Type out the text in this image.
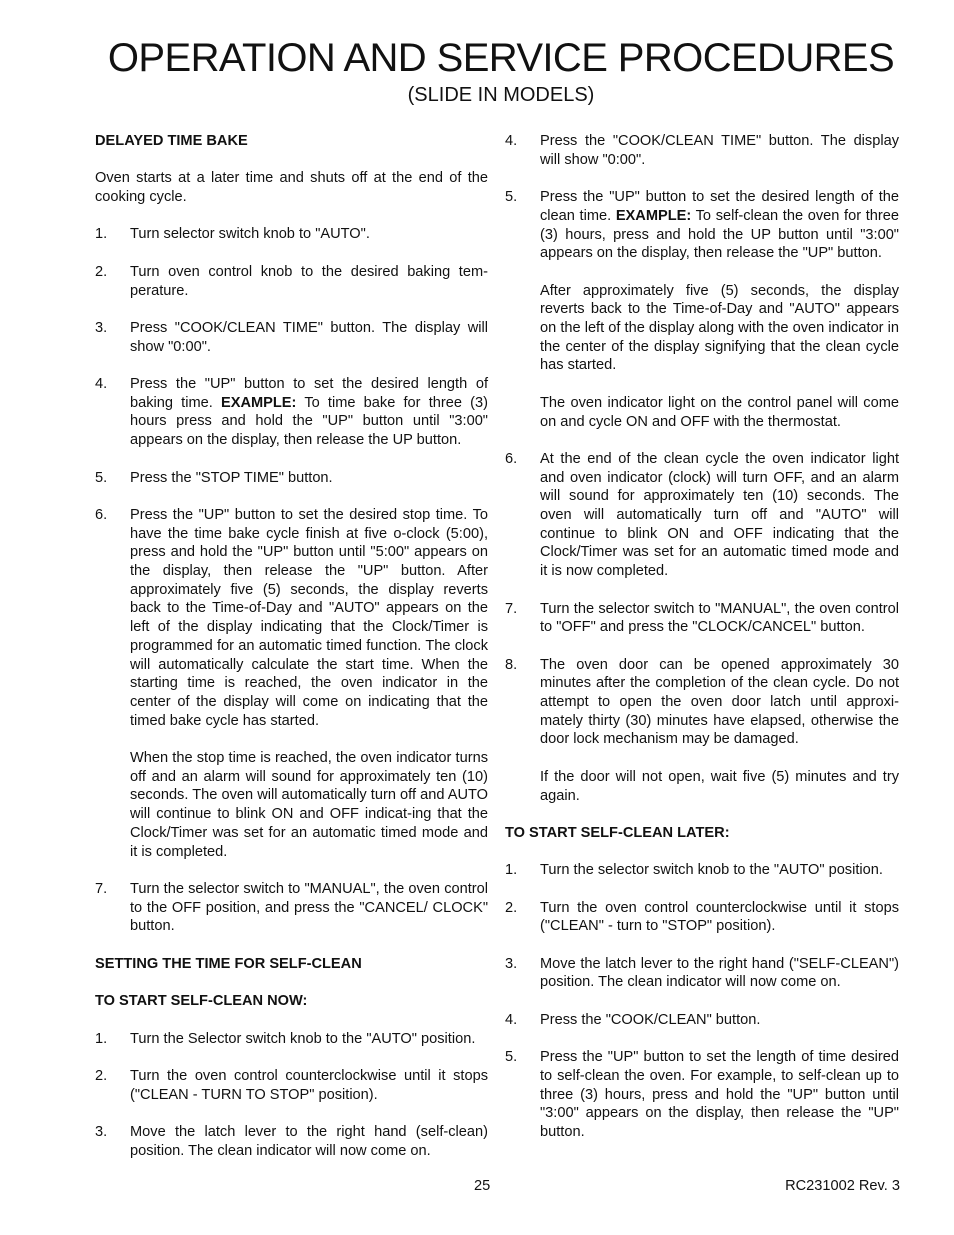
OPERATION AND SERVICE PROCEDURES
(SLIDE IN MODELS)
DELAYED TIME BAKE
Oven starts at a later time and shuts off at the end of the cooking cycle.
1.	Turn selector switch knob to "AUTO".
2.	Turn oven control knob to the desired baking tem-perature.
3.	Press "COOK/CLEAN TIME" button. The display will show "0:00".
4.	Press the "UP" button to set the desired length of baking time. EXAMPLE: To time bake for three (3) hours press and hold the "UP" button until "3:00" appears on the display, then release the UP button.
5.	Press the "STOP TIME" button.
6.	Press the "UP" button to set the desired stop time. To have the time bake cycle finish at five o-clock (5:00), press and hold the "UP" button until "5:00" appears on the display, then release the "UP" button. After approximately five (5) seconds, the display reverts back to the Time-of-Day and "AUTO" appears on the left of the display indicating that the Clock/Timer is programmed for an automatic timed function. The clock will automatically calculate the start time. When the starting time is reached, the oven indicator in the center of the display will come on indicating that the timed bake cycle has started.
When the stop time is reached, the oven indicator turns off and an alarm will sound for approximately ten (10) seconds. The oven will automatically turn off and AUTO will continue to blink ON and OFF indicat-ing that the Clock/Timer was set for an automatic timed mode and it is completed.
7.	Turn the selector switch to "MANUAL", the oven control to the OFF position, and press the "CANCEL/ CLOCK" button.
SETTING THE TIME FOR SELF-CLEAN
TO START SELF-CLEAN NOW:
1.	Turn the Selector switch knob to the "AUTO" position.
2.	Turn the oven control counterclockwise until it stops ("CLEAN - TURN TO STOP" position).
3.	Move the latch lever to the right hand (self-clean) position. The clean indicator will now come on.
4.	Press the "COOK/CLEAN TIME" button. The display will show "0:00".
5.	Press the "UP" button to set the desired length of the clean time. EXAMPLE: To self-clean the oven for three (3) hours, press and hold the UP button until "3:00" appears on the display, then release the "UP" button.
After approximately five (5) seconds, the display reverts back to the Time-of-Day and "AUTO" appears on the left of the display along with the oven indicator in the center of the display signifying that the clean cycle has started.
The oven indicator light on the control panel will come on and cycle ON and OFF with the thermostat.
6.	At the end of the clean cycle the oven indicator light and oven indicator (clock) will turn OFF, and an alarm will sound for approximately ten (10) seconds. The oven will automatically turn off and "AUTO" will continue to blink ON and OFF indicating that the Clock/Timer was set for an automatic timed mode and it is now completed.
7.	Turn the selector switch to "MANUAL", the oven control to "OFF" and press the "CLOCK/CANCEL" button.
8.	The oven door can be opened approximately 30 minutes after the completion of the clean cycle. Do not attempt to open the oven door latch until approxi-mately thirty (30) minutes have elapsed, otherwise the door lock mechanism may be damaged.
If the door will not open, wait five (5) minutes and try again.
TO START SELF-CLEAN LATER:
1.	Turn the selector switch knob to the "AUTO" position.
2.	Turn the oven control counterclockwise until it stops ("CLEAN" - turn to "STOP" position).
3.	Move the latch lever to the right hand ("SELF-CLEAN") position. The clean indicator will now come on.
4.	Press the "COOK/CLEAN" button.
5.	Press the "UP" button to set the length of time desired to self-clean the oven. For example, to self-clean up to three (3) hours, press and hold the "UP" button until "3:00" appears on the display, then release the "UP" button.
25	RC231002 Rev. 3
